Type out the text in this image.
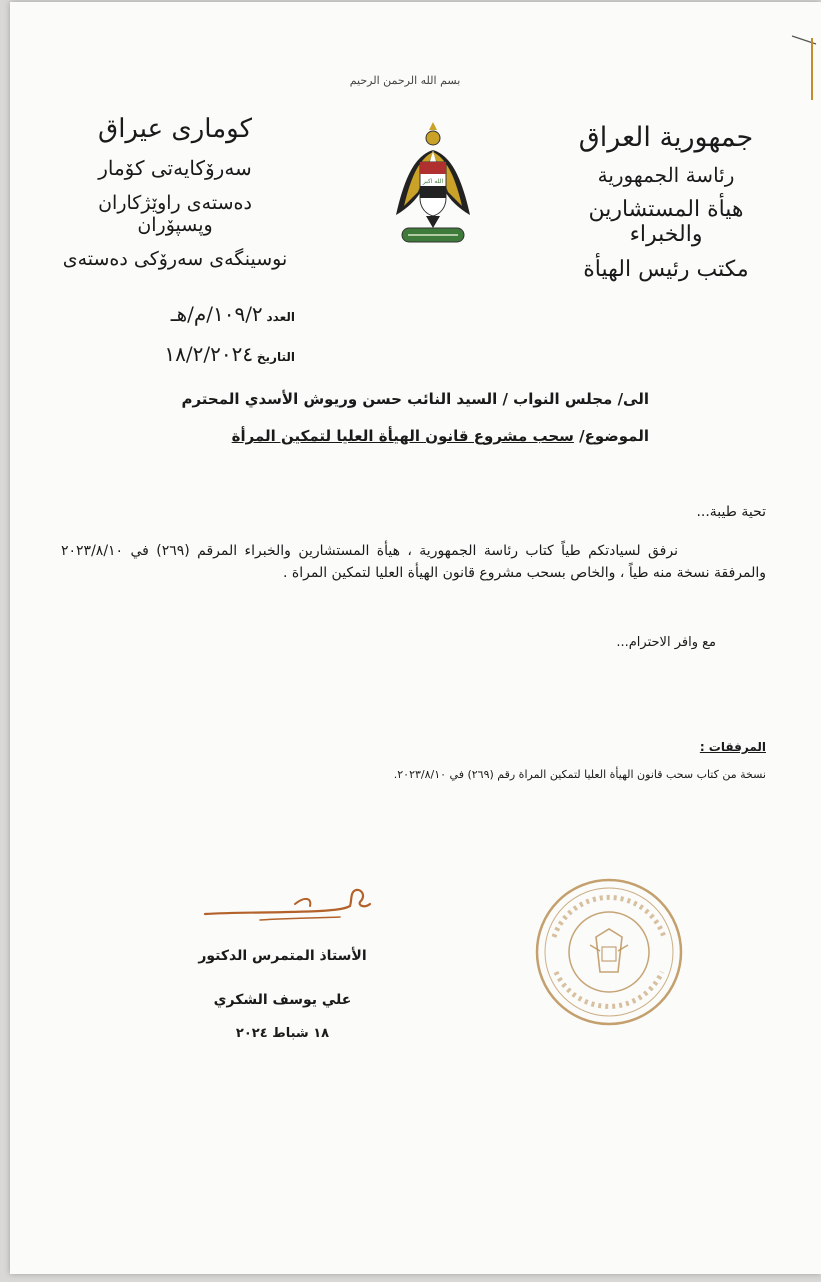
بسم الله الرحمن الرحيم
جمهورية العراق
رئاسة الجمهورية
هيأة المستشارين والخبراء
مكتب رئيس الهيأة
كوماری عیراق
سەرۆكایەتی كۆمار
دەستەی راوێژكاران وپسپۆران
نوسینگەی سەرۆكی دەستەی
الله اكبر
العدد ١٠٩/٢/م/هـ
التاريخ ١٨/٢/٢٠٢٤
الى/ مجلس النواب / السيد النائب حسن وريوش الأسدي المحترم
الموضوع/ سحب مشروع قانون الهيأة العليا لتمكين المرأة
تحية طيبة...

نرفق لسيادتكم طياً كتاب رئاسة الجمهورية ، هيأة المستشارين والخبراء المرقم (٢٦٩) في ٢٠٢٣/٨/١٠ والمرفقة نسخة منه طياً ، والخاص بسحب مشروع قانون الهيأة العليا لتمكين المراة .

مع وافر الاحترام...
المرفقات :
نسخة من كتاب سحب قانون الهيأة العليا لتمكين المراة رقم (٢٦٩) في ٢٠٢٣/٨/١٠.
الأستاذ المتمرس الدكتور
علي يوسف الشكري
١٨ شباط ٢٠٢٤
